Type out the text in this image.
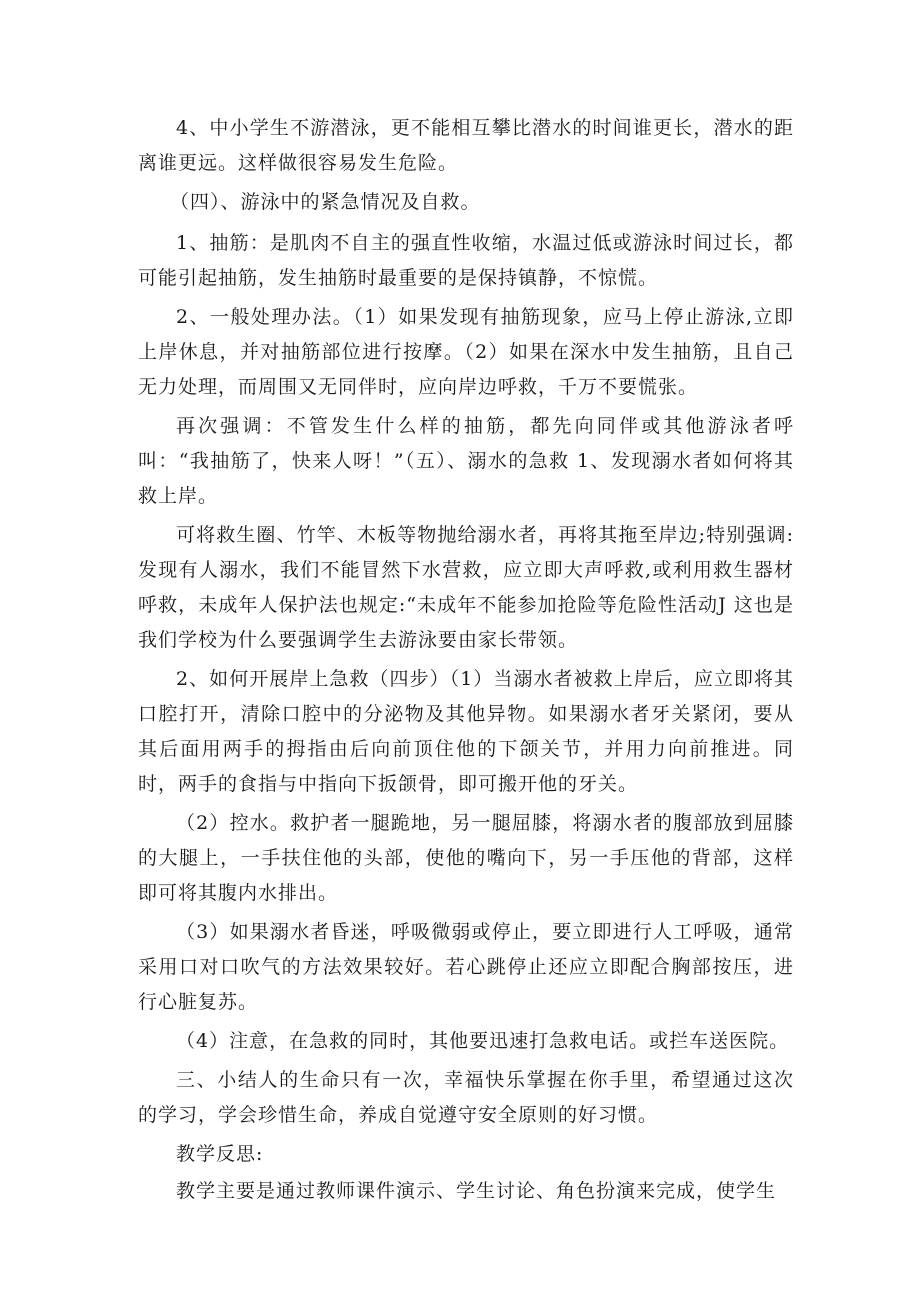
4、中小学生不游潜泳，更不能相互攀比潜水的时间谁更长，潜水的距离谁更远。这样做很容易发生危险。

（四）、游泳中的紧急情况及自救。

1、抽筋：是肌肉不自主的强直性收缩，水温过低或游泳时间过长，都可能引起抽筋，发生抽筋时最重要的是保持镇静，不惊慌。

2、一般处理办法。（1）如果发现有抽筋现象，应马上停止游泳,立即上岸休息，并对抽筋部位进行按摩。（2）如果在深水中发生抽筋，且自己无力处理，而周围又无同伴时，应向岸边呼救，千万不要慌张。

再次强调：不管发生什么样的抽筋，都先向同伴或其他游泳者呼叫：“我抽筋了，快来人呀！”（五）、溺水的急救 1、发现溺水者如何将其救上岸。

可将救生圈、竹竿、木板等物抛给溺水者，再将其拖至岸边;特别强调:发现有人溺水，我们不能冒然下水营救，应立即大声呼救,或利用救生器材呼救，未成年人保护法也规定:“未成年不能参加抢险等危险性活动J 这也是我们学校为什么要强调学生去游泳要由家长带领。

2、如何开展岸上急救（四步）（1）当溺水者被救上岸后，应立即将其口腔打开，清除口腔中的分泌物及其他异物。如果溺水者牙关紧闭，要从其后面用两手的拇指由后向前顶住他的下颌关节，并用力向前推进。同时，两手的食指与中指向下扳颌骨，即可搬开他的牙关。

（2）控水。救护者一腿跪地，另一腿屈膝，将溺水者的腹部放到屈膝的大腿上，一手扶住他的头部，使他的嘴向下，另一手压他的背部，这样即可将其腹内水排出。

（3）如果溺水者昏迷，呼吸微弱或停止，要立即进行人工呼吸，通常采用口对口吹气的方法效果较好。若心跳停止还应立即配合胸部按压，进行心脏复苏。

（4）注意，在急救的同时，其他要迅速打急救电话。或拦车送医院。

三、小结人的生命只有一次，幸福快乐掌握在你手里，希望通过这次的学习，学会珍惜生命，养成自觉遵守安全原则的好习惯。

教学反思:

教学主要是通过教师课件演示、学生讨论、角色扮演来完成，使学生
